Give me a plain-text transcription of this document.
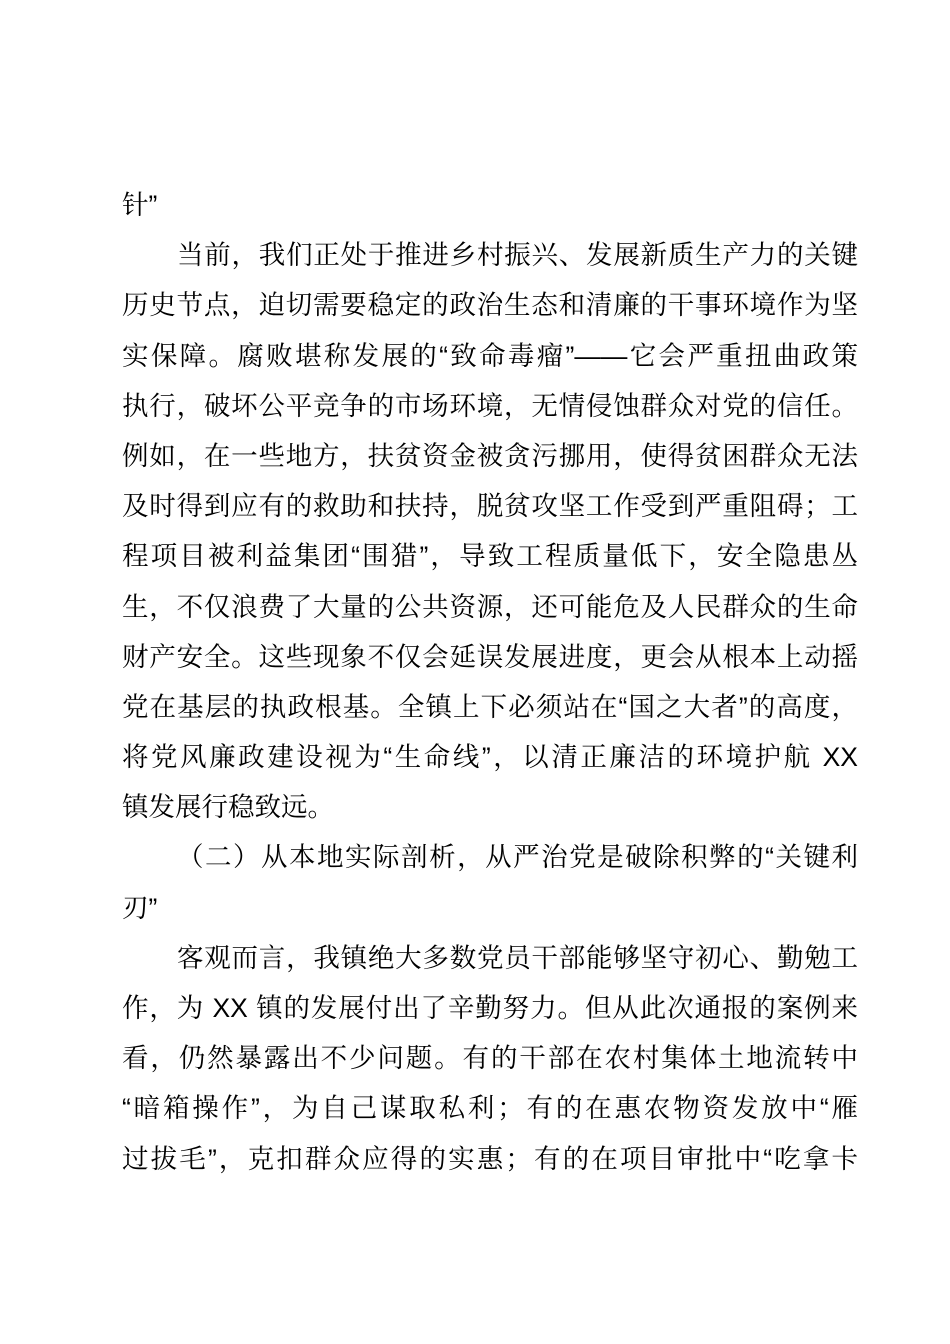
针”
当前，我们正处于推进乡村振兴、发展新质生产力的关键
历史节点，迫切需要稳定的政治生态和清廉的干事环境作为坚
实保障。腐败堪称发展的“致命毒瘤”——它会严重扭曲政策
执行，破坏公平竞争的市场环境，无情侵蚀群众对党的信任。
例如，在一些地方，扶贫资金被贪污挪用，使得贫困群众无法
及时得到应有的救助和扶持，脱贫攻坚工作受到严重阻碍；工
程项目被利益集团“围猎”，导致工程质量低下，安全隐患丛
生，不仅浪费了大量的公共资源，还可能危及人民群众的生命
财产安全。这些现象不仅会延误发展进度，更会从根本上动摇
党在基层的执政根基。全镇上下必须站在“国之大者”的高度，
将党风廉政建设视为“生命线”，以清正廉洁的环境护航 XX
镇发展行稳致远。
（二）从本地实际剖析，从严治党是破除积弊的“关键利
刃”
客观而言，我镇绝大多数党员干部能够坚守初心、勤勉工
作，为 XX 镇的发展付出了辛勤努力。但从此次通报的案例来
看，仍然暴露出不少问题。有的干部在农村集体土地流转中
“暗箱操作”，为自己谋取私利；有的在惠农物资发放中“雁
过拔毛”，克扣群众应得的实惠；有的在项目审批中“吃拿卡
